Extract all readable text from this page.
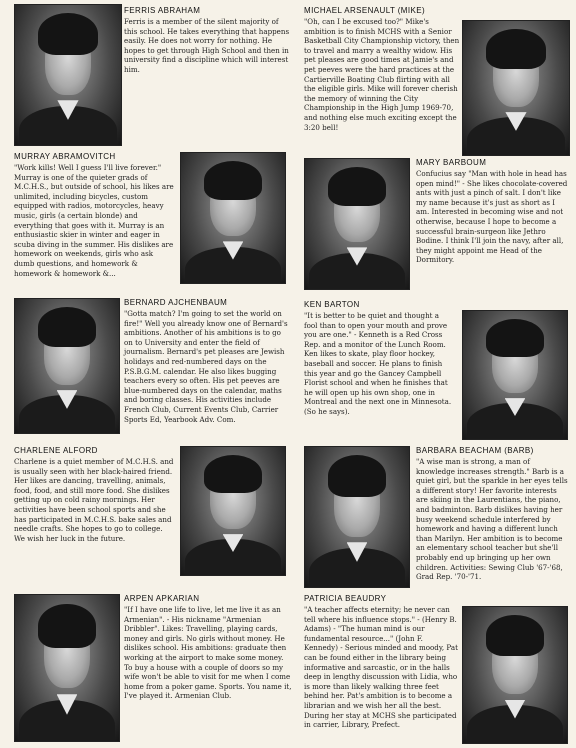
FERRIS ABRAHAM

Ferris is a member of the silent majority of this school. He takes everything that happens easily. He does not worry for nothing. He hopes to get through High School and then in university find a discipline which will interest him.

MICHAEL ARSENAULT (MIKE)

"Oh, can I be excused too?" Mike's ambition is to finish MCHS with a Senior Basketball City Championship victory, then to travel and marry a wealthy widow. His pet pleases are good times at Jamie's and pet peeves were the hard practices at the Cartierville Boating Club flirting with all the eligible girls. Mike will forever cherish the memory of winning the City Championship in the High Jump 1969-70, and nothing else much exciting except the 3:20 bell!

MURRAY ABRAMOVITCH

"Work kills! Well I guess I'll live forever." Murray is one of the quieter grads of M.C.H.S., but outside of school, his likes are unlimited, including bicycles, custom equipped with radios, motorcycles, heavy music, girls (a certain blonde) and everything that goes with it. Murray is an enthusiastic skier in winter and eager in scuba diving in the summer. His dislikes are homework on weekends, girls who ask dumb questions, and homework & homework & homework &...

MARY BARBOUM

Confucius say "Man with hole in head has open mind!" - She likes chocolate-covered ants with just a pinch of salt. I don't like my name because it's just as short as I am. Interested in becoming wise and not otherwise, because I hope to become a successful brain-surgeon like Jethro Bodine. I think I'll join the navy, after all, they might appoint me Head of the Dormitory.

BERNARD AJCHENBAUM

"Gotta match? I'm going to set the world on fire!" Well you already know one of Bernard's ambitions. Another of his ambitions is to go on to University and enter the field of journalism. Bernard's pet pleases are Jewish holidays and red-numbered days on the P.S.B.G.M. calendar. He also likes bugging teachers every so often. His pet peeves are blue-numbered days on the calendar, maths and boring classes. His activities include French Club, Current Events Club, Carrier Sports Ed, Yearbook Adv. Com.

KEN BARTON

"It is better to be quiet and thought a fool than to open your mouth and prove you are one." - Kenneth is a Red Cross Rep. and a monitor of the Lunch Room. Ken likes to skate, play floor hockey, baseball and soccer. He plans to finish this year and go the Gancey Campbell Florist school and when he finishes that he will open up his own shop, one in Montreal and the next one in Minnesota. (So he says).

CHARLENE ALFORD

Charlene is a quiet member of M.C.H.S. and is usually seen with her black-haired friend. Her likes are dancing, travelling, animals, food, food, and still more food. She dislikes getting up on cold rainy mornings. Her activities have been school sports and she has participated in M.C.H.S. bake sales and needle crafts. She hopes to go to college. We wish her luck in the future.

BARBARA BEACHAM (BARB)

"A wise man is strong, a man of knowledge increases strength." Barb is a quiet girl, but the sparkle in her eyes tells a different story! Her favorite interests are skiing in the Laurentians, the piano, and badminton. Barb dislikes having her busy weekend schedule interfered by homework and having a different lunch than Marilyn. Her ambition is to become an elementary school teacher but she'll probably end up bringing up her own children. Activities: Sewing Club '67-'68, Grad Rep. '70-'71.

ARPEN APKARIAN

"If I have one life to live, let me live it as an Armenian". - His nickname "Armenian Dribbler". Likes: Travelling, playing cards, money and girls. No girls without money. He dislikes school. His ambitions: graduate then working at the airport to make some money. To buy a house with a couple of doors so my wife won't be able to visit for me when I come home from a poker game. Sports. You name it, I've played it. Armenian Club.

PATRICIA BEAUDRY

"A teacher affects eternity; he never can tell where his influence stops." - (Henry B. Adams) - "The human mind is our fundamental resource..." (John F. Kennedy) - Serious minded and moody, Pat can be found either in the library being informative and sarcastic, or in the halls deep in lengthy discussion with Lidia, who is more than likely walking three feet behind her. Pat's ambition is to become a librarian and we wish her all the best. During her stay at MCHS she participated in carrier, Library, Prefect.
